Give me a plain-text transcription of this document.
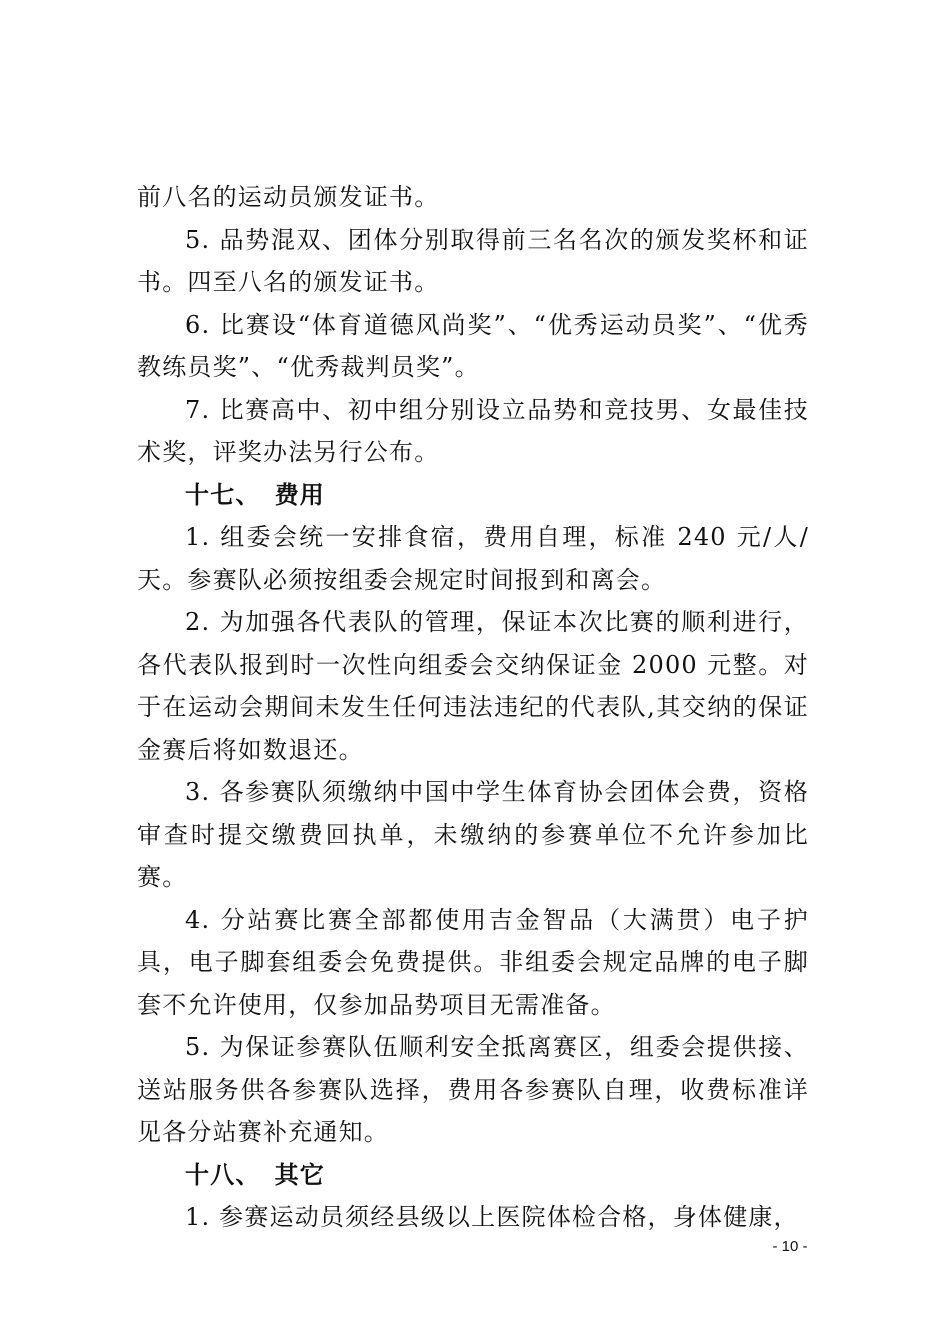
前八名的运动员颁发证书。

5. 品势混双、团体分别取得前三名名次的颁发奖杯和证书。四至八名的颁发证书。

6. 比赛设“体育道德风尚奖”、“优秀运动员奖”、“优秀教练员奖”、“优秀裁判员奖”。

7. 比赛高中、初中组分别设立品势和竞技男、女最佳技术奖，评奖办法另行公布。

十七、 费用

1. 组委会统一安排食宿，费用自理，标准 240 元/人/天。参赛队必须按组委会规定时间报到和离会。

2. 为加强各代表队的管理，保证本次比赛的顺利进行，各代表队报到时一次性向组委会交纳保证金 2000 元整。对于在运动会期间未发生任何违法违纪的代表队,其交纳的保证金赛后将如数退还。

3. 各参赛队须缴纳中国中学生体育协会团体会费，资格审查时提交缴费回执单，未缴纳的参赛单位不允许参加比赛。

4. 分站赛比赛全部都使用吉金智品（大满贯）电子护具，电子脚套组委会免费提供。非组委会规定品牌的电子脚套不允许使用，仅参加品势项目无需准备。

5. 为保证参赛队伍顺利安全抵离赛区，组委会提供接、送站服务供各参赛队选择，费用各参赛队自理，收费标准详见各分站赛补充通知。

十八、 其它

1. 参赛运动员须经县级以上医院体检合格，身体健康，

- 10 -
